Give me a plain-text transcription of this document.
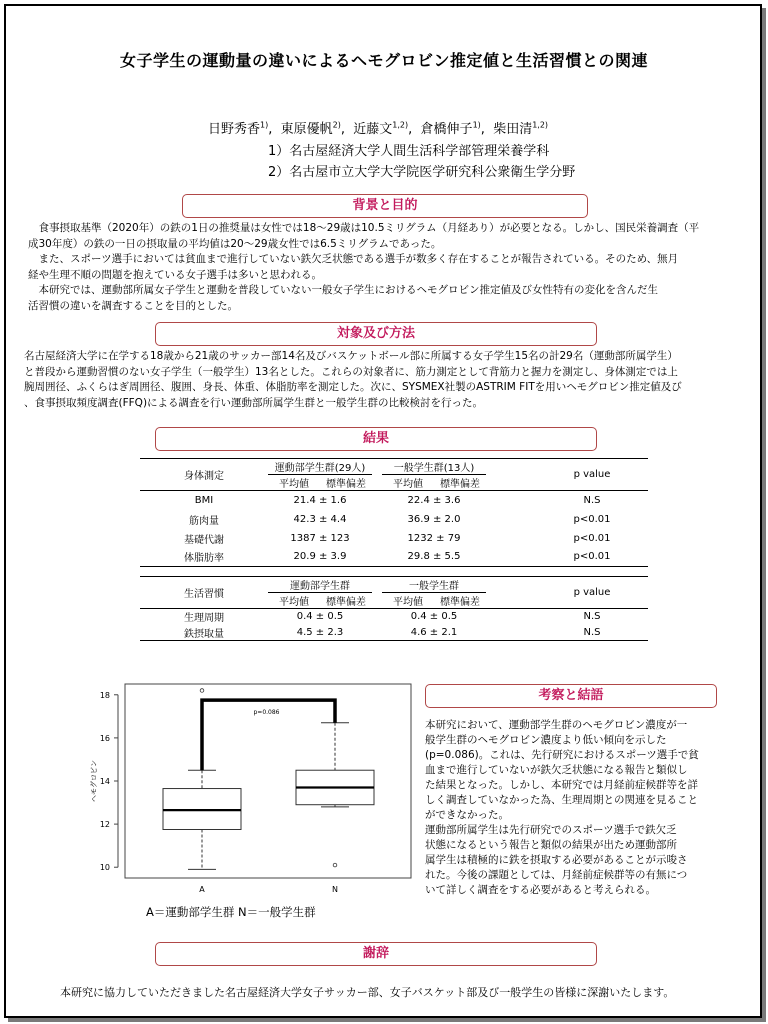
女子学生の運動量の違いによるヘモグロビン推定値と生活習慣との関連
日野秀香$^{1)}$,  東原優帆$^{2)}$,  近藤文$^{1,2)}$,  倉橋伸子$^{1)}$,  柴田清$^{1,2)}$
1）名古屋経済大学人間生活科学部管理栄養学科
2）名古屋市立大学大学院医学研究科公衆衛生学分野
背景と目的

　食事摂取基準（2020年）の鉄の1日の推奨量は女性では18～29歳は10.5ミリグラム（月経あり）が必要となる。しかし、国民栄養調査（平

成30年度）の鉄の一日の摂取量の平均値は20～29歳女性では6.5ミリグラムであった。

　また、スポーツ選手においては貧血まで進行していない鉄欠乏状態である選手が数多く存在することが報告されている。そのため、無月

経や生理不順の問題を抱えている女子選手は多いと思われる。

　本研究では、運動部所属女子学生と運動を普段していない一般女子学生におけるヘモグロビン推定値及び女性特有の変化を含んだ生

活習慣の違いを調査することを目的とした。

対象及び方法

名古屋経済大学に在学する18歳から21歳のサッカー部14名及びバスケットボール部に所属する女子学生15名の計29名（運動部所属学生）

と普段から運動習慣のない女子学生（一般学生）13名とした。これらの対象者に、筋力測定として背筋力と握力を測定し、身体測定では上

腕周囲径、ふくらはぎ周囲径、腹囲、身長、体重、体脂肪率を測定した。次に、SYSMEX社製のASTRIM FITを用いヘモグロビン推定値及び

、食事摂取頻度調査(FFQ)による調査を行い運動部所属学生群と一般学生群の比較検討を行った。

結果
身体測定	運動部学生群(29人)			一般学生群(13人)			p value
	平均値	標準偏差		平均値	標準偏差		
BMI	21.4 ± 1.6			22.4 ± 3.6			N.S
筋肉量	42.3 ± 4.4			36.9 ± 2.0			p<0.01
基礎代謝	1387 ± 123			1232 ± 79			p<0.01
体脂肪率	20.9 ± 3.9			29.8 ± 5.5			p<0.01
生活習慣	運動部学生群			一般学生群			p value
	平均値	標準偏差		平均値	標準偏差		
生理周期	0.4 ± 0.5			0.4 ± 0.5			N.S
鉄摂取量	4.5 ± 2.3			4.6 ± 2.1			N.S
10
12
14
16
18
ヘモグロビン
A	N
p=0.086
A＝運動部学生群 N＝一般学生群
考察と結語

本研究において、運動部学生群のヘモグロビン濃度が一

般学生群のヘモグロビン濃度より低い傾向を示した

(p=0.086)。これは、先行研究におけるスポーツ選手で貧

血まで進行していないが鉄欠乏状態になる報告と類似し

た結果となった。しかし、本研究では月経前症候群等を詳

しく調査していなかった為、生理周期との関連を見ること

ができなかった。

運動部所属学生は先行研究でのスポーツ選手で鉄欠乏

状態になるという報告と類似の結果が出ため運動部所

属学生は積極的に鉄を摂取する必要があることが示唆さ

れた。今後の課題としては、月経前症候群等の有無につ

いて詳しく調査をする必要があると考えられる。

謝辞
本研究に協力していただきました名古屋経済大学女子サッカー部、女子バスケット部及び一般学生の皆様に深謝いたします。
